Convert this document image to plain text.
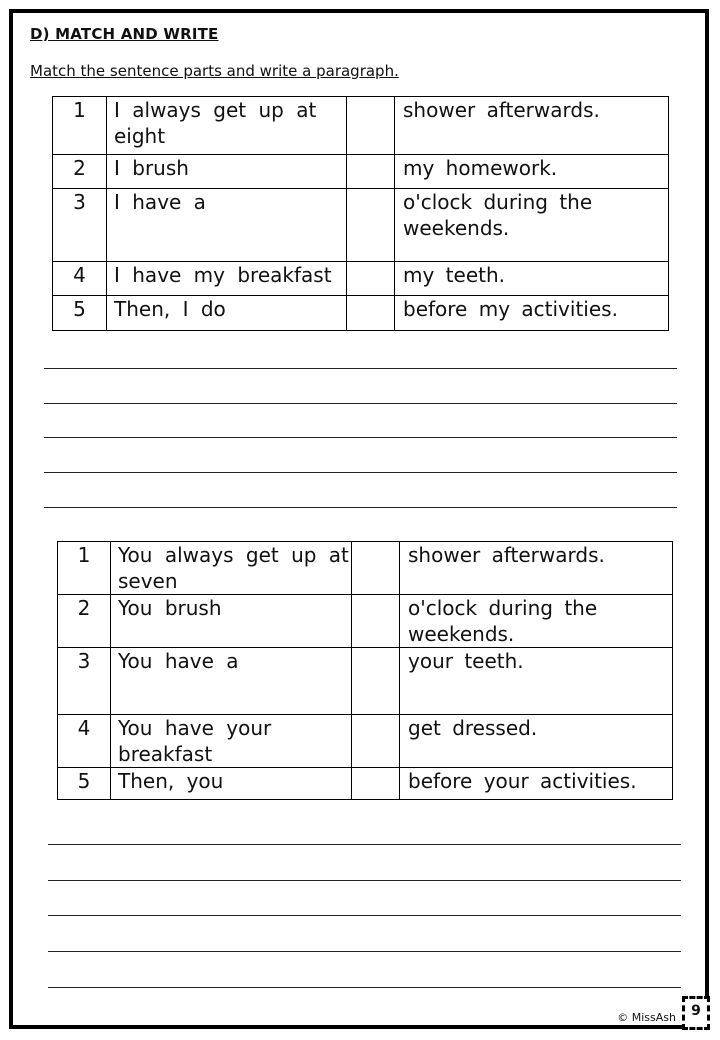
D) MATCH AND WRITE
Match the sentence parts and write a paragraph.
1	I always get up at eight		shower afterwards.
2	I brush		my homework.
3	I have a		o'clock during the weekends.
4	I have my breakfast		my teeth.
5	Then, I do		before my activities.
1	You always get up at seven		shower afterwards.
2	You brush		o'clock during the weekends.
3	You have a		your teeth.
4	You have your breakfast		get dressed.
5	Then, you		before your activities.
© MissAsh	9
